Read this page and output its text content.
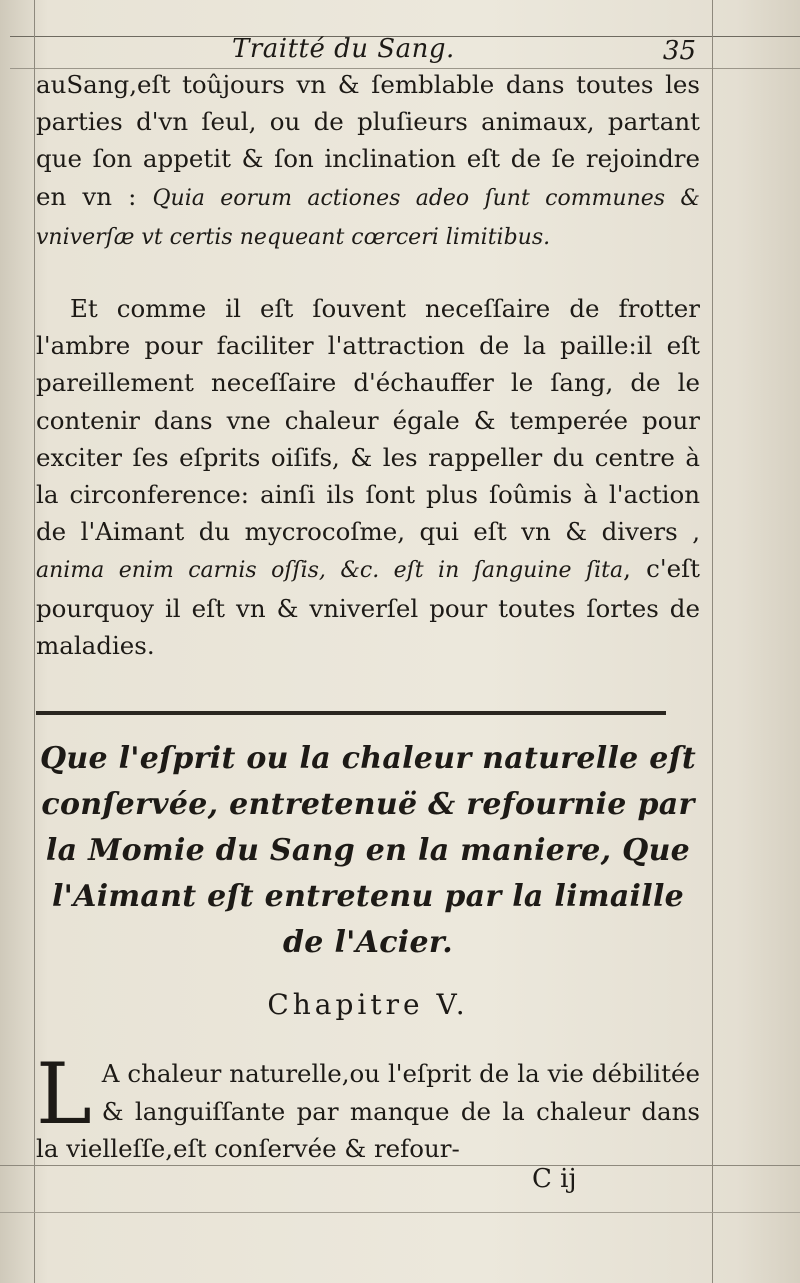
Traitté du Sang.	35

auSang,eſt toûjours vn & ſemblable dans toutes les parties d'vn ſeul, ou de pluſieurs animaux, partant que ſon appetit & ſon inclination eſt de ſe rejoindre en vn : Quia eorum actiones adeo ſunt communes & vniverſæ vt certis nequeant cœrceri limitibus.

Et comme il eſt ſouvent neceſſaire de frotter l'ambre pour faciliter l'attraction de la paille:il eſt pareillement neceſſaire d'échauffer le ſang, de le contenir dans vne chaleur égale & temperée pour exciter ſes eſprits oiſifs, & les rappeller du centre à la circonference: ainſi ils ſont plus ſoûmis à l'action de l'Aimant du mycrocoſme, qui eſt vn & divers , anima enim carnis oſſis, &c. eſt in ſanguine ſita, c'eſt pourquoy il eſt vn & vniverſel pour toutes ſortes de maladies.

Que l'eſprit ou la chaleur naturelle eſt conſervée, entretenuë & refournie par la Momie du Sang en la maniere, Que l'Aimant eſt entretenu par la limaille de l'Acier.
Chapitre V.
L A chaleur naturelle,ou l'eſprit de la vie débilitée & languiſſante par manque de la chaleur dans la vielleſſe,eſt conſervée & refour-
C ij
